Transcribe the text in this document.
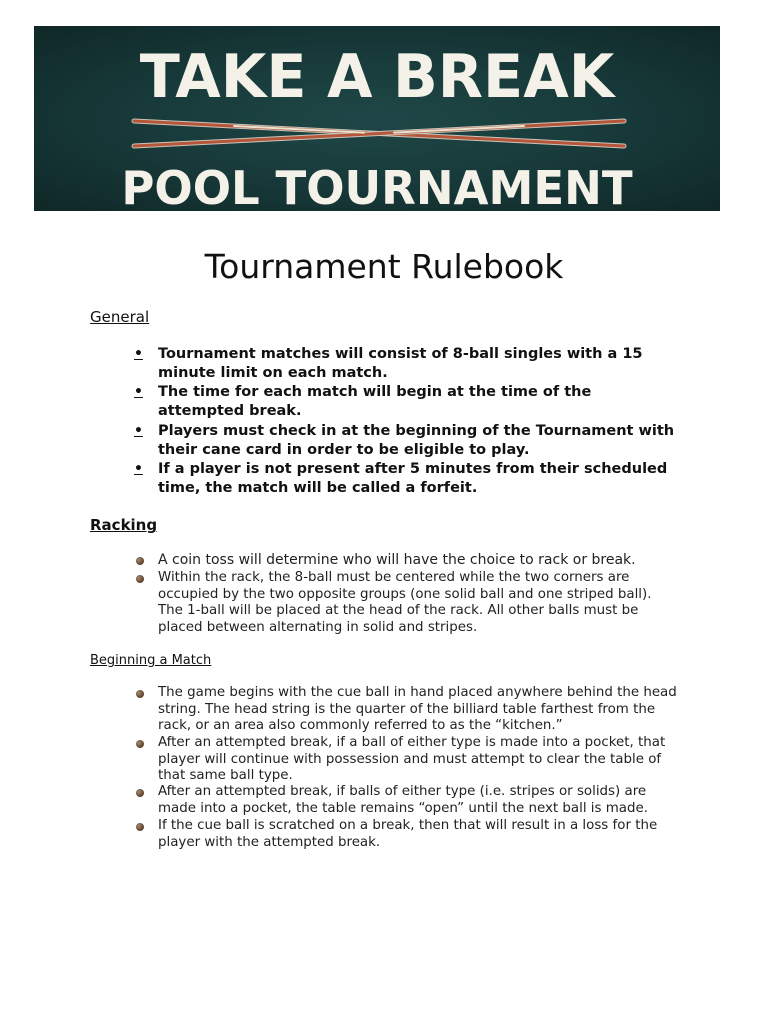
TAKE A BREAK
POOL TOURNAMENT
Tournament Rulebook
General
•	Tournament matches will consist of 8-ball singles with a 15 minute limit on each match.
•	The time for each match will begin at the time of the attempted break.
•	Players must check in at the beginning of the Tournament with their cane card in order to be eligible to play.
•	If a player is not present after 5 minutes from their scheduled time, the match will be called a forfeit.
Racking
A coin toss will determine who will have the choice to rack or break.
Within the rack, the 8-ball must be centered while the two corners are occupied by the two opposite groups (one solid ball and one striped ball). The 1-ball will be placed at the head of the rack. All other balls must be placed between alternating in solid and stripes.
Beginning a Match
The game begins with the cue ball in hand placed anywhere behind the head string. The head string is the quarter of the billiard table farthest from the rack, or an area also commonly referred to as the “kitchen.”
After an attempted break, if a ball of either type is made into a pocket, that player will continue with possession and must attempt to clear the table of that same ball type.
After an attempted break, if balls of either type (i.e. stripes or solids) are made into a pocket, the table remains “open” until the next ball is made.
If the cue ball is scratched on a break, then that will result in a loss for the player with the attempted break.
